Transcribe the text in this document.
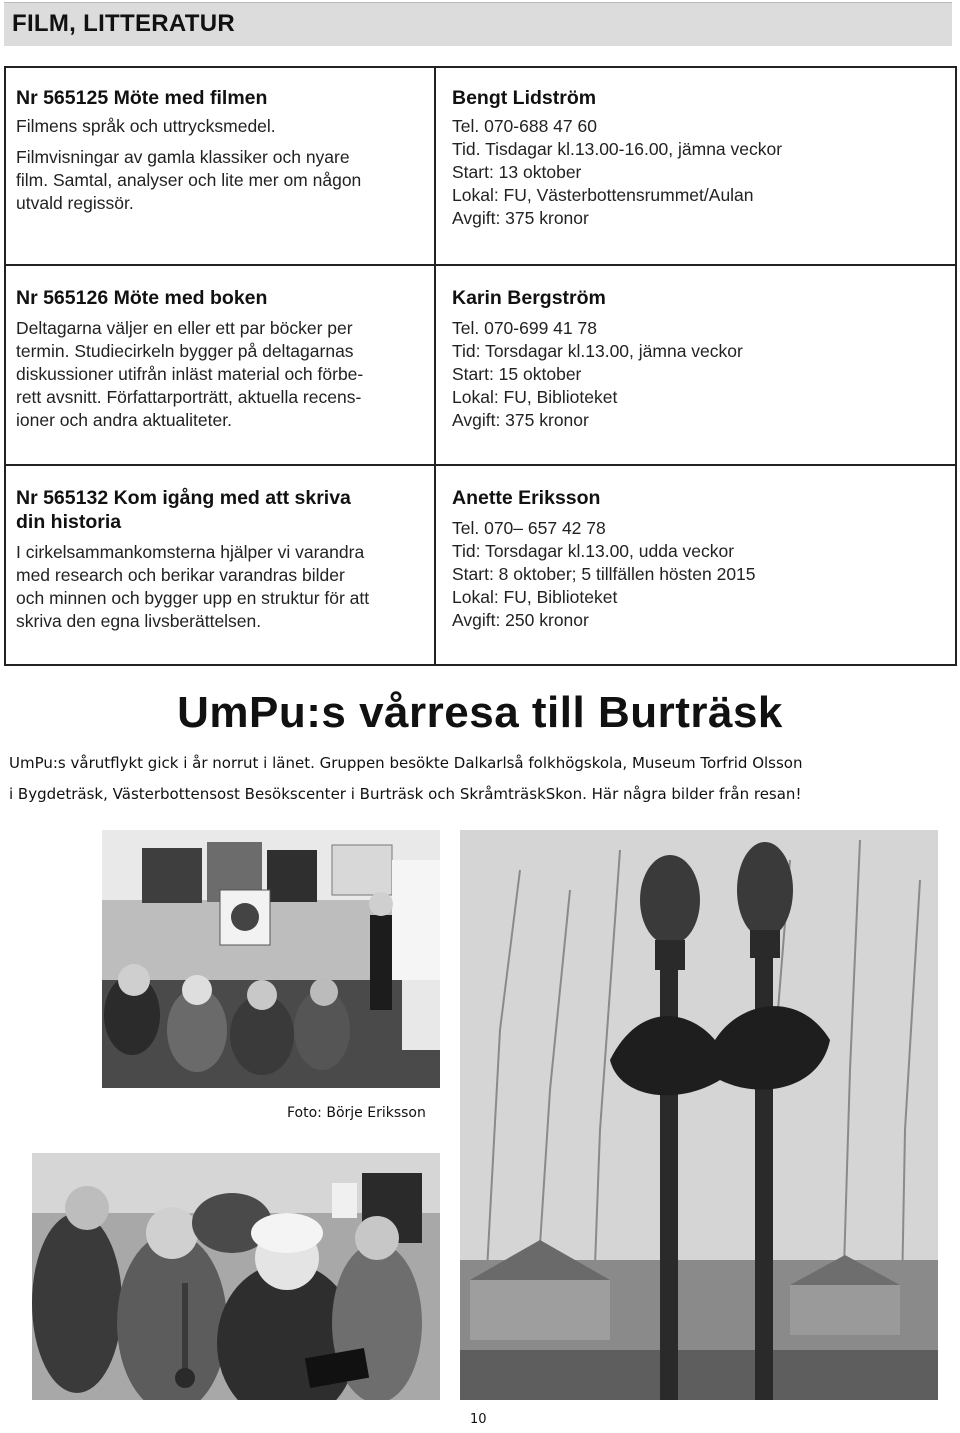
FILM, LITTERATUR
Nr 565125 Möte med filmen
Filmens språk och uttrycksmedel.
Filmvisningar av gamla klassiker och nyare
film. Samtal, analyser och lite mer om någon
utvald regissör.
Bengt Lidström
Tel. 070-688 47 60
Tid. Tisdagar kl.13.00-16.00, jämna veckor
Start: 13 oktober
Lokal: FU, Västerbottensrummet/Aulan
Avgift: 375 kronor
Nr 565126 Möte med boken
Deltagarna väljer en eller ett par böcker per
termin. Studiecirkeln bygger på deltagarnas
diskussioner utifrån inläst material och förbe-
rett avsnitt. Författarporträtt, aktuella recens-
ioner och andra aktualiteter.
Karin Bergström
Tel. 070-699 41 78
Tid: Torsdagar kl.13.00, jämna veckor
Start: 15 oktober
Lokal: FU, Biblioteket
Avgift: 375 kronor
Nr 565132 Kom igång med att skriva
din historia
I cirkelsammankomsterna hjälper vi varandra
med research och berikar varandras bilder
och minnen och bygger upp en struktur för att
skriva den egna livsberättelsen.
Anette Eriksson
Tel. 070– 657 42 78
Tid: Torsdagar kl.13.00, udda veckor
Start: 8 oktober; 5 tillfällen hösten 2015
Lokal: FU, Biblioteket
Avgift: 250 kronor
UmPu:s vårresa till Burträsk
UmPu:s vårutflykt gick i år norrut i länet. Gruppen besökte Dalkarlså folkhögskola, Museum Torfrid Olsson
i Bygdeträsk, Västerbottensost Besökscenter i Burträsk och SkråmträskSkon. Här några bilder från resan!
Foto: Börje Eriksson
10
